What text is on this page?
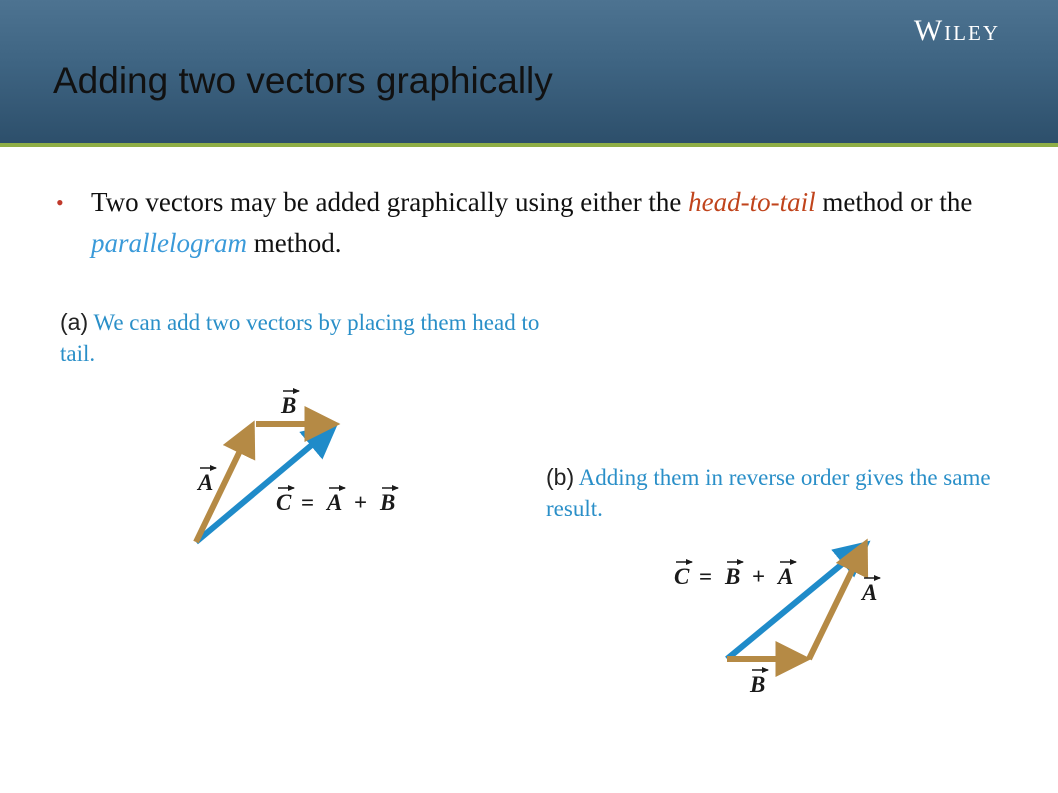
Wiley
Adding two vectors graphically
• Two vectors may be added graphically using either the head-to-tail method or the parallelogram method.
(a) We can add two vectors by placing them head to tail.
(b) Adding them in reverse order gives the same result.
B
A
C = A + B
C = B + A
A
B
